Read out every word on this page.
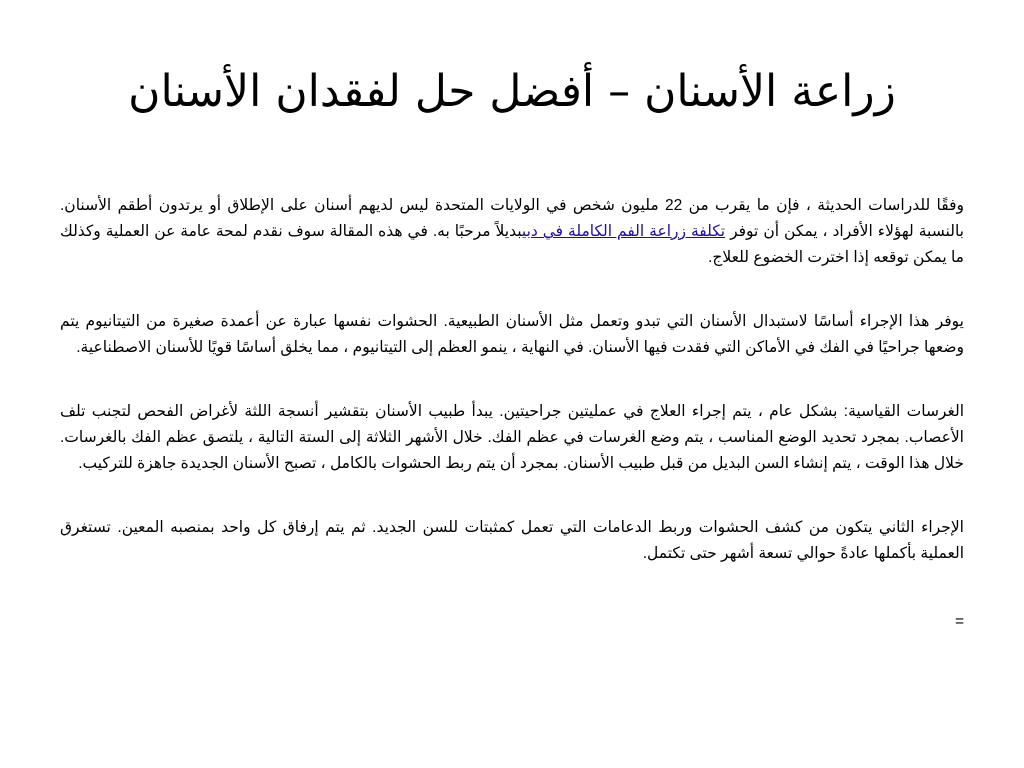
زراعة الأسنان – أفضل حل لفقدان الأسنان

وفقًا للدراسات الحديثة ، فإن ما يقرب من 22 مليون شخص في الولايات المتحدة ليس لديهم أسنان على الإطلاق أو يرتدون أطقم الأسنان. بالنسبة لهؤلاء الأفراد ، يمكن أن توفر تكلفة زراعة الفم الكاملة في دبيبديلاً مرحبًا به. في هذه المقالة سوف نقدم لمحة عامة عن العملية وكذلك ما يمكن توقعه إذا اخترت الخضوع للعلاج.

يوفر هذا الإجراء أساسًا لاستبدال الأسنان التي تبدو وتعمل مثل الأسنان الطبيعية. الحشوات نفسها عبارة عن أعمدة صغيرة من التيتانيوم يتم وضعها جراحيًا في الفك في الأماكن التي فقدت فيها الأسنان. في النهاية ، ينمو العظم إلى التيتانيوم ، مما يخلق أساسًا قويًا للأسنان الاصطناعية.

الغرسات القياسية: بشكل عام ، يتم إجراء العلاج في عمليتين جراحيتين. يبدأ طبيب الأسنان بتقشير أنسجة اللثة لأغراض الفحص لتجنب تلف الأعصاب. بمجرد تحديد الوضع المناسب ، يتم وضع الغرسات في عظم الفك. خلال الأشهر الثلاثة إلى الستة التالية ، يلتصق عظم الفك بالغرسات. خلال هذا الوقت ، يتم إنشاء السن البديل من قبل طبيب الأسنان. بمجرد أن يتم ربط الحشوات بالكامل ، تصبح الأسنان الجديدة جاهزة للتركيب.

الإجراء الثاني يتكون من كشف الحشوات وربط الدعامات التي تعمل كمثبتات للسن الجديد. ثم يتم إرفاق كل واحد بمنصبه المعين. تستغرق العملية بأكملها عادةً حوالي تسعة أشهر حتى تكتمل.

=
